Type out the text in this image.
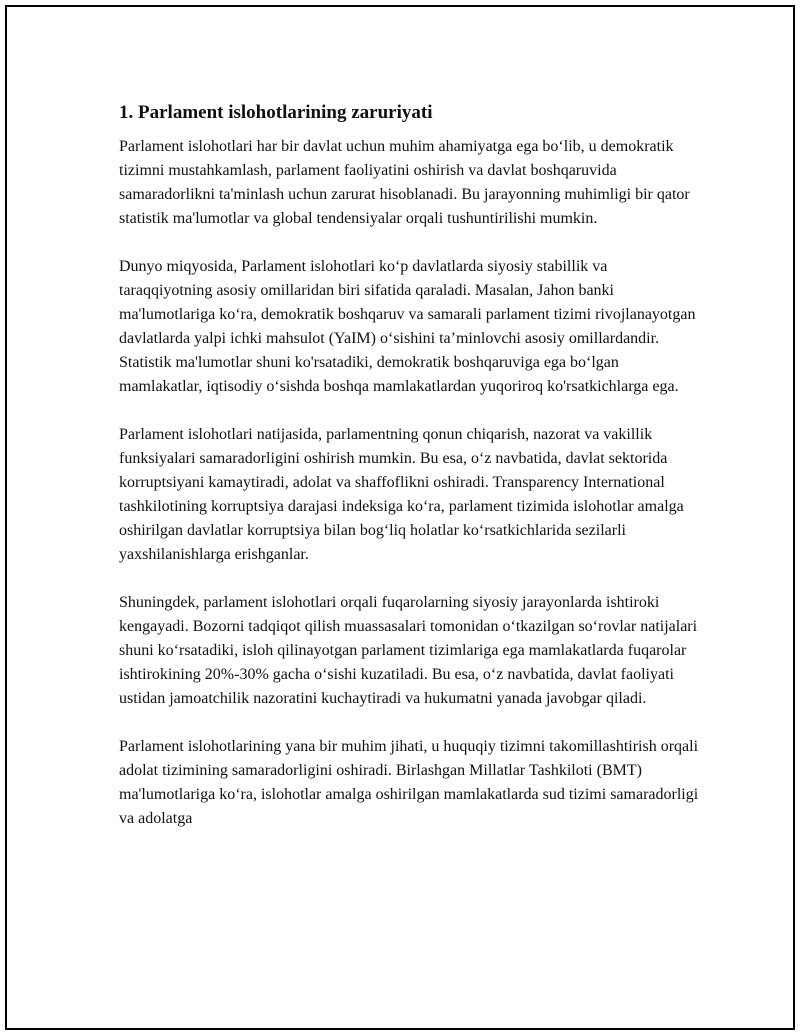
1. Parlament islohotlarining zaruriyati

Parlament islohotlari har bir davlat uchun muhim ahamiyatga ega bo‘lib, u demokratik tizimni mustahkamlash, parlament faoliyatini oshirish va davlat boshqaruvida samaradorlikni ta'minlash uchun zarurat hisoblanadi. Bu jarayonning muhimligi bir qator statistik ma'lumotlar va global tendensiyalar orqali tushuntirilishi mumkin.

Dunyo miqyosida, Parlament islohotlari ko‘p davlatlarda siyosiy stabillik va taraqqiyotning asosiy omillaridan biri sifatida qaraladi. Masalan, Jahon banki ma'lumotlariga ko‘ra, demokratik boshqaruv va samarali parlament tizimi rivojlanayotgan davlatlarda yalpi ichki mahsulot (YaIM) o‘sishini ta’minlovchi asosiy omillardandir. Statistik ma'lumotlar shuni ko'rsatadiki, demokratik boshqaruviga ega bo‘lgan mamlakatlar, iqtisodiy o‘sishda boshqa mamlakatlardan yuqoriroq ko'rsatkichlarga ega.

Parlament islohotlari natijasida, parlamentning qonun chiqarish, nazorat va vakillik funksiyalari samaradorligini oshirish mumkin. Bu esa, o‘z navbatida, davlat sektorida korruptsiyani kamaytiradi, adolat va shaffoflikni oshiradi. Transparency International tashkilotining korruptsiya darajasi indeksiga ko‘ra, parlament tizimida islohotlar amalga oshirilgan davlatlar korruptsiya bilan bog‘liq holatlar ko‘rsatkichlarida sezilarli yaxshilanishlarga erishganlar.

Shuningdek, parlament islohotlari orqali fuqarolarning siyosiy jarayonlarda ishtiroki kengayadi. Bozorni tadqiqot qilish muassasalari tomonidan o‘tkazilgan so‘rovlar natijalari shuni ko‘rsatadiki, isloh qilinayotgan parlament tizimlariga ega mamlakatlarda fuqarolar ishtirokining 20%-30% gacha o‘sishi kuzatiladi. Bu esa, o‘z navbatida, davlat faoliyati ustidan jamoatchilik nazoratini kuchaytiradi va hukumatni yanada javobgar qiladi.

Parlament islohotlarining yana bir muhim jihati, u huquqiy tizimni takomillashtirish orqali adolat tizimining samaradorligini oshiradi. Birlashgan Millatlar Tashkiloti (BMT) ma'lumotlariga ko‘ra, islohotlar amalga oshirilgan mamlakatlarda sud tizimi samaradorligi va adolatga
